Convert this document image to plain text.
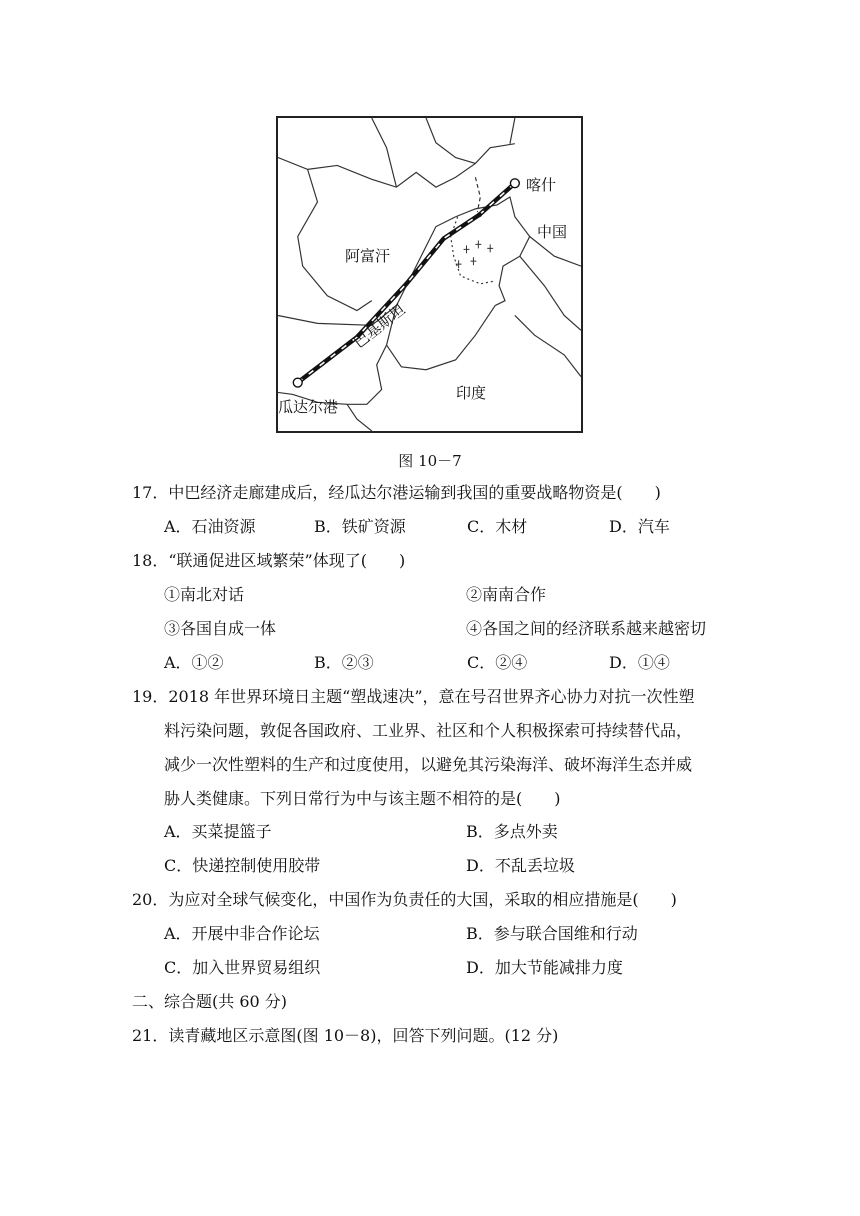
喀什
中国
阿富汗
巴基斯坦
瓜达尔港
印度
图 10－7
17．中巴经济走廊建成后，经瓜达尔港运输到我国的重要战略物资是(　　)
A．石油资源	B．铁矿资源	C．木材	D．汽车
18．“联通促进区域繁荣”体现了(　　)
①南北对话	②南南合作
③各国自成一体	④各国之间的经济联系越来越密切
A．①②	B．②③	C．②④	D．①④
19．2018 年世界环境日主题“塑战速决”，意在号召世界齐心协力对抗一次性塑
料污染问题，敦促各国政府、工业界、社区和个人积极探索可持续替代品，
减少一次性塑料的生产和过度使用，以避免其污染海洋、破坏海洋生态并威
胁人类健康。下列日常行为中与该主题不相符的是(　　)
A．买菜提篮子	B．多点外卖
C．快递控制使用胶带	D．不乱丢垃圾
20．为应对全球气候变化，中国作为负责任的大国，采取的相应措施是(　　)
A．开展中非合作论坛	B．参与联合国维和行动
C．加入世界贸易组织	D．加大节能减排力度
二、综合题(共 60 分)
21．读青藏地区示意图(图 10－8)，回答下列问题。(12 分)
